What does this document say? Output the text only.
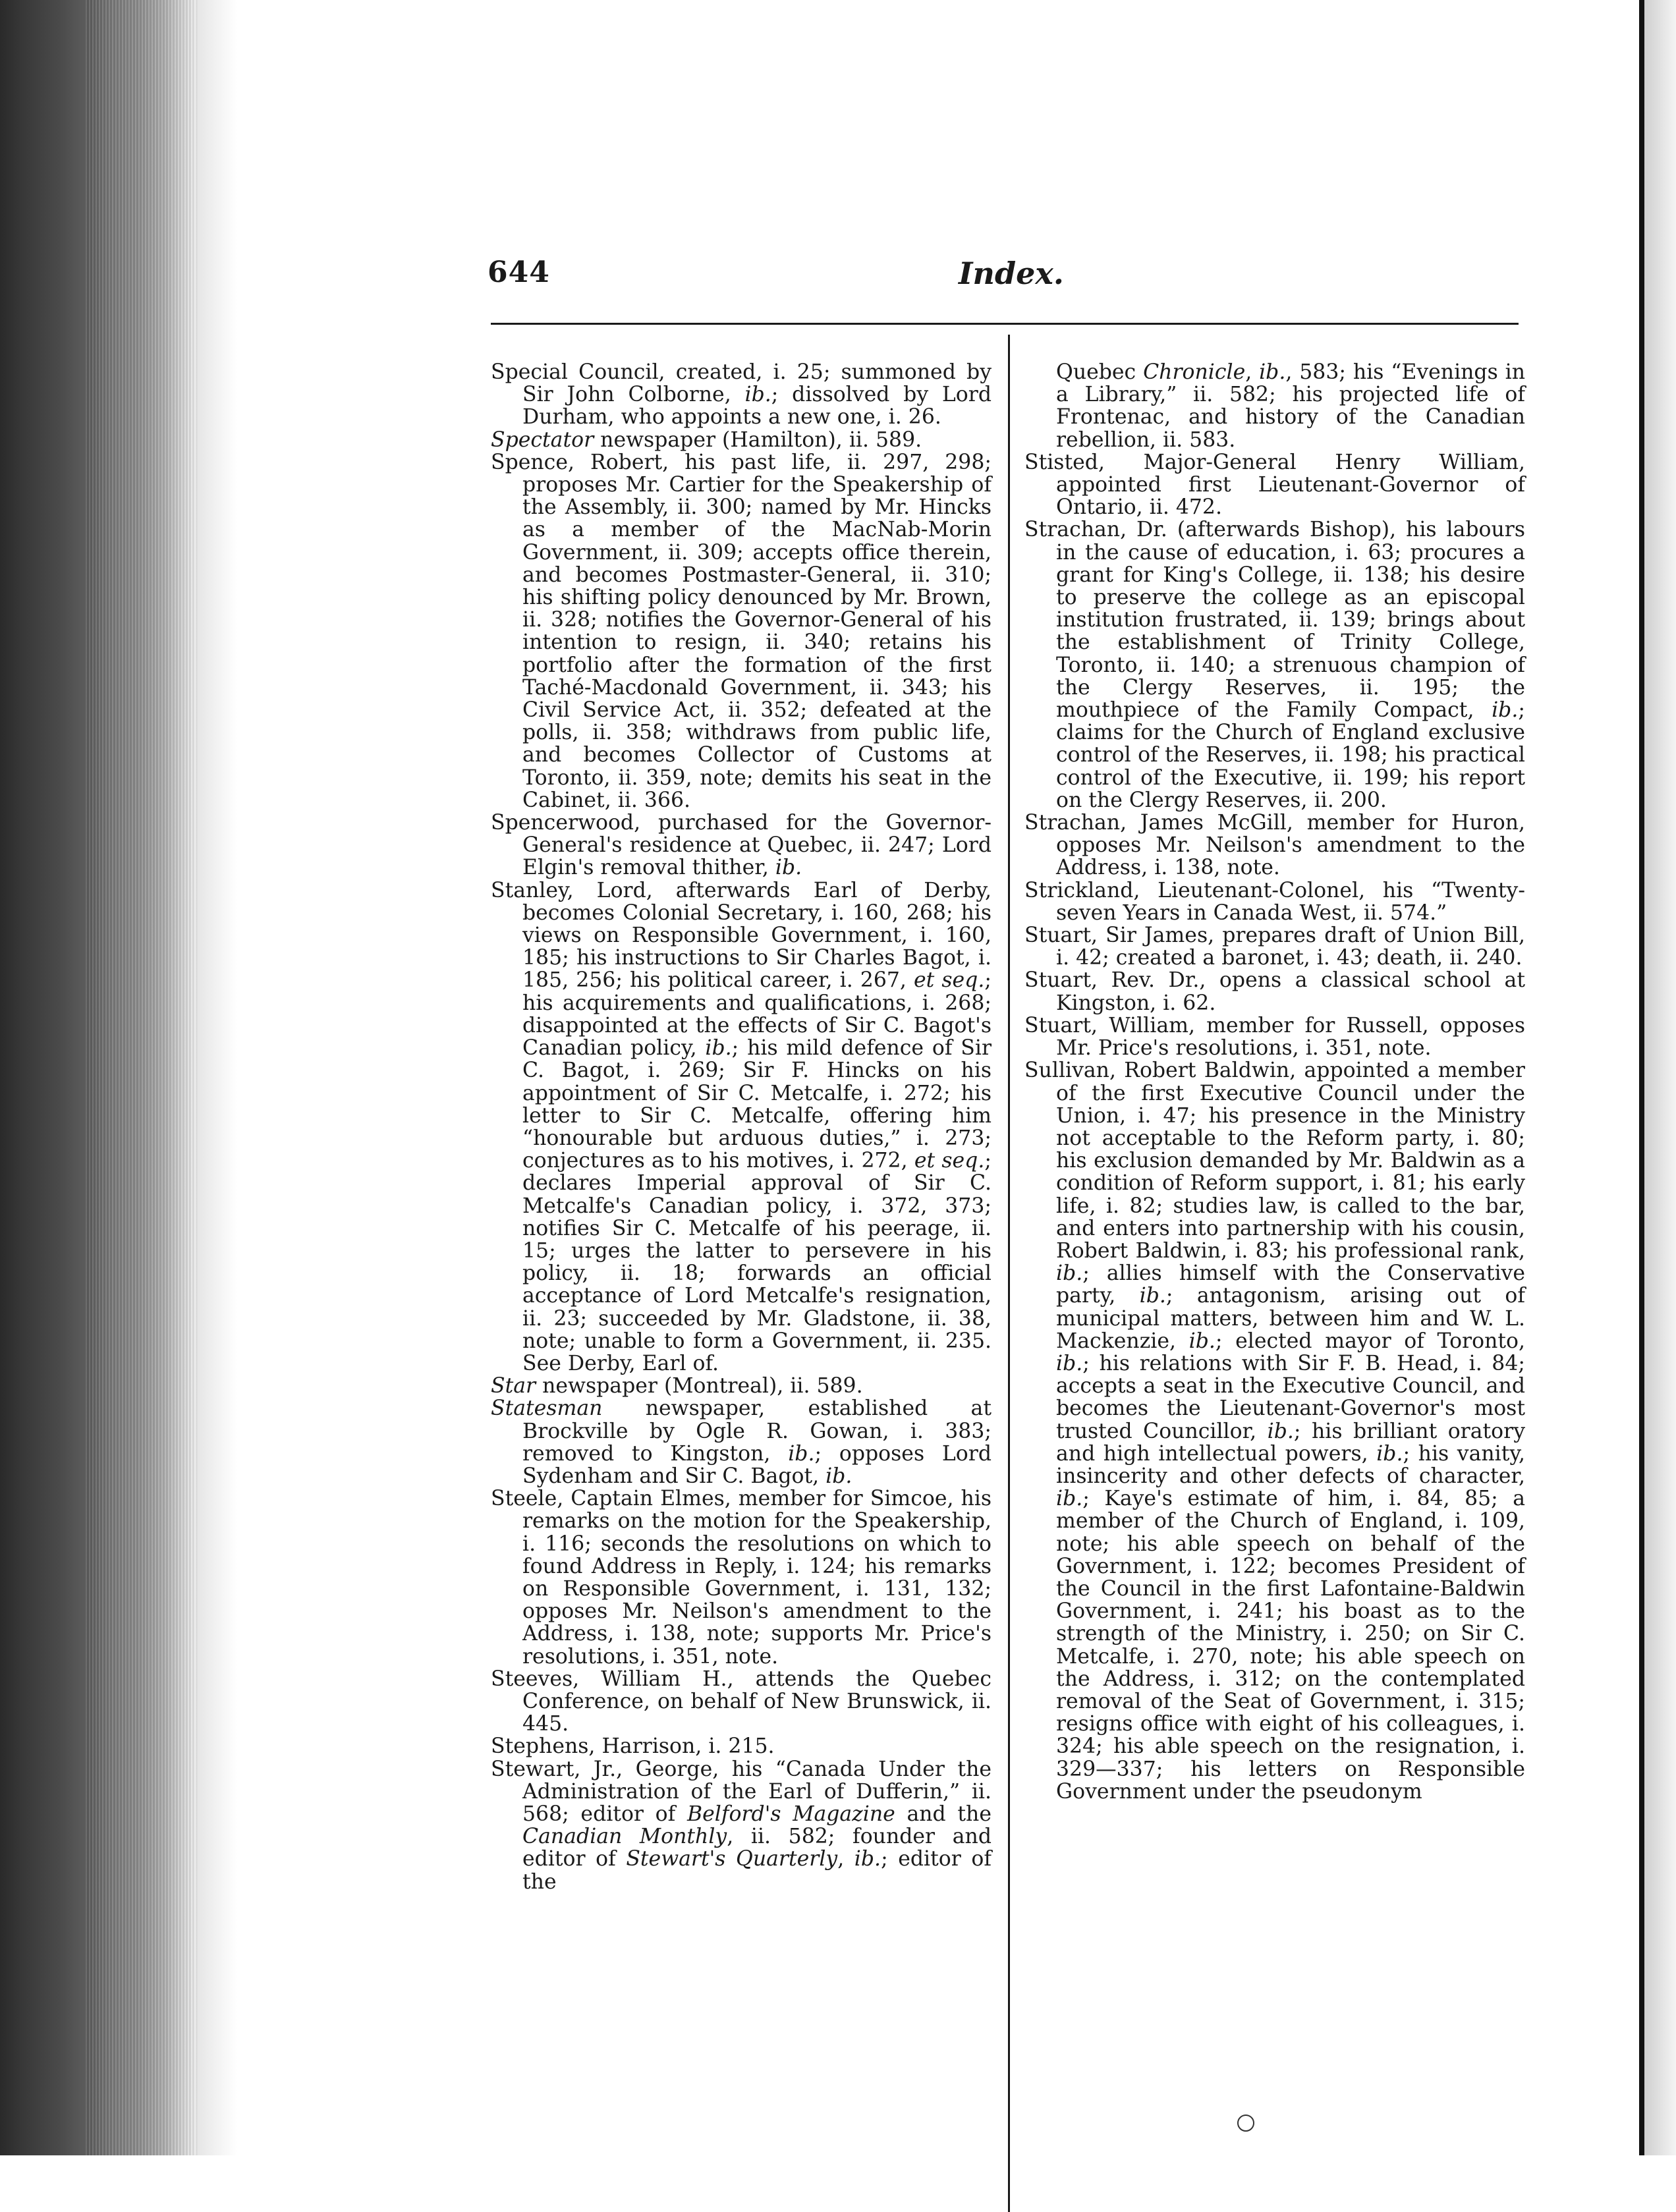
644	Index.

Special Council, created, i. 25; summoned by Sir John Colborne, ib.; dissolved by Lord Durham, who appoints a new one, i. 26.

Spectator newspaper (Hamilton), ii. 589.

Spence, Robert, his past life, ii. 297, 298; proposes Mr. Cartier for the Speakership of the Assembly, ii. 300; named by Mr. Hincks as a member of the MacNab-Morin Government, ii. 309; accepts office therein, and becomes Postmaster-General, ii. 310; his shifting policy denounced by Mr. Brown, ii. 328; notifies the Governor-General of his intention to resign, ii. 340; retains his portfolio after the formation of the first Taché-Macdonald Government, ii. 343; his Civil Service Act, ii. 352; defeated at the polls, ii. 358; withdraws from public life, and becomes Collector of Customs at Toronto, ii. 359, note; demits his seat in the Cabinet, ii. 366.

Spencerwood, purchased for the Governor-General's residence at Quebec, ii. 247; Lord Elgin's removal thither, ib.

Stanley, Lord, afterwards Earl of Derby, becomes Colonial Secretary, i. 160, 268; his views on Responsible Government, i. 160, 185; his instructions to Sir Charles Bagot, i. 185, 256; his political career, i. 267, et seq.; his acquirements and qualifications, i. 268; disappointed at the effects of Sir C. Bagot's Canadian policy, ib.; his mild defence of Sir C. Bagot, i. 269; Sir F. Hincks on his appointment of Sir C. Metcalfe, i. 272; his letter to Sir C. Metcalfe, offering him “honourable but arduous duties,” i. 273; conjectures as to his motives, i. 272, et seq.; declares Imperial approval of Sir C. Metcalfe's Canadian policy, i. 372, 373; notifies Sir C. Metcalfe of his peerage, ii. 15; urges the latter to persevere in his policy, ii. 18; forwards an official acceptance of Lord Metcalfe's resignation, ii. 23; succeeded by Mr. Gladstone, ii. 38, note; unable to form a Government, ii. 235. See Derby, Earl of.

Star newspaper (Montreal), ii. 589.

Statesman newspaper, established at Brockville by Ogle R. Gowan, i. 383; removed to Kingston, ib.; opposes Lord Sydenham and Sir C. Bagot, ib.

Steele, Captain Elmes, member for Simcoe, his remarks on the motion for the Speakership, i. 116; seconds the resolutions on which to found Address in Reply, i. 124; his remarks on Responsible Government, i. 131, 132; opposes Mr. Neilson's amendment to the Address, i. 138, note; supports Mr. Price's resolutions, i. 351, note.

Steeves, William H., attends the Quebec Conference, on behalf of New Brunswick, ii. 445.

Stephens, Harrison, i. 215.

Stewart, Jr., George, his “Canada Under the Administration of the Earl of Dufferin,” ii. 568; editor of Belford's Magazine and the Canadian Monthly, ii. 582; founder and editor of Stewart's Quarterly, ib.; editor of the

Quebec Chronicle, ib., 583; his “Evenings in a Library,” ii. 582; his projected life of Frontenac, and history of the Canadian rebellion, ii. 583.

Stisted, Major-General Henry William, appointed first Lieutenant-Governor of Ontario, ii. 472.

Strachan, Dr. (afterwards Bishop), his labours in the cause of education, i. 63; procures a grant for King's College, ii. 138; his desire to preserve the college as an episcopal institution frustrated, ii. 139; brings about the establishment of Trinity College, Toronto, ii. 140; a strenuous champion of the Clergy Reserves, ii. 195; the mouthpiece of the Family Compact, ib.; claims for the Church of England exclusive control of the Reserves, ii. 198; his practical control of the Executive, ii. 199; his report on the Clergy Reserves, ii. 200.

Strachan, James McGill, member for Huron, opposes Mr. Neilson's amendment to the Address, i. 138, note.

Strickland, Lieutenant-Colonel, his “Twenty-seven Years in Canada West, ii. 574.”

Stuart, Sir James, prepares draft of Union Bill, i. 42; created a baronet, i. 43; death, ii. 240.

Stuart, Rev. Dr., opens a classical school at Kingston, i. 62.

Stuart, William, member for Russell, opposes Mr. Price's resolutions, i. 351, note.

Sullivan, Robert Baldwin, appointed a member of the first Executive Council under the Union, i. 47; his presence in the Ministry not acceptable to the Reform party, i. 80; his exclusion demanded by Mr. Baldwin as a condition of Reform support, i. 81; his early life, i. 82; studies law, is called to the bar, and enters into partnership with his cousin, Robert Baldwin, i. 83; his professional rank, ib.; allies himself with the Conservative party, ib.; antagonism, arising out of municipal matters, between him and W. L. Mackenzie, ib.; elected mayor of Toronto, ib.; his relations with Sir F. B. Head, i. 84; accepts a seat in the Executive Council, and becomes the Lieutenant-Governor's most trusted Councillor, ib.; his brilliant oratory and high intellectual powers, ib.; his vanity, insincerity and other defects of character, ib.; Kaye's estimate of him, i. 84, 85; a member of the Church of England, i. 109, note; his able speech on behalf of the Government, i. 122; becomes President of the Council in the first Lafontaine-Baldwin Government, i. 241; his boast as to the strength of the Ministry, i. 250; on Sir C. Metcalfe, i. 270, note; his able speech on the Address, i. 312; on the contemplated removal of the Seat of Government, i. 315; resigns office with eight of his colleagues, i. 324; his able speech on the resignation, i. 329—337; his letters on Responsible Government under the pseudonym
